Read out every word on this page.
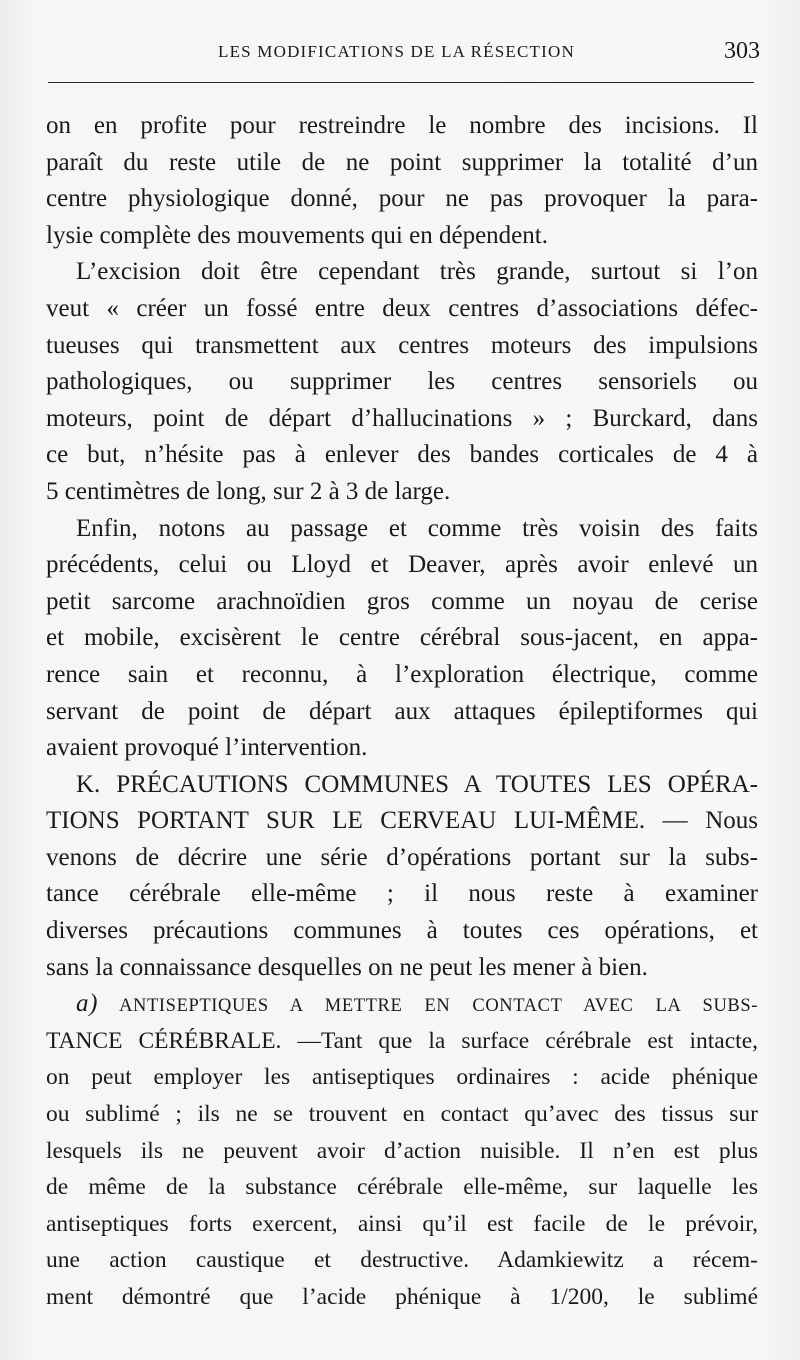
LES MODIFICATIONS DE LA RÉSECTION	303
on en profite pour restreindre le nombre des incisions. Il
paraît du reste utile de ne point supprimer la totalité d’un
centre physiologique donné, pour ne pas provoquer la para-
lysie complète des mouvements qui en dépendent.
L’excision doit être cependant très grande, surtout si l’on
veut « créer un fossé entre deux centres d’associations défec-
tueuses qui transmettent aux centres moteurs des impulsions
pathologiques, ou supprimer les centres sensoriels ou
moteurs, point de départ d’hallucinations » ; Burckard, dans
ce but, n’hésite pas à enlever des bandes corticales de 4 à
5 centimètres de long, sur 2 à 3 de large.
Enfin, notons au passage et comme très voisin des faits
précédents, celui ou Lloyd et Deaver, après avoir enlevé un
petit sarcome arachnoïdien gros comme un noyau de cerise
et mobile, excisèrent le centre cérébral sous-jacent, en appa-
rence sain et reconnu, à l’exploration électrique, comme
servant de point de départ aux attaques épileptiformes qui
avaient provoqué l’intervention.
K. PRÉCAUTIONS COMMUNES A TOUTES LES OPÉRA-
TIONS PORTANT SUR LE CERVEAU LUI-MÊME. — Nous
venons de décrire une série d’opérations portant sur la subs-
tance cérébrale elle-même ; il nous reste à examiner
diverses précautions communes à toutes ces opérations, et
sans la connaissance desquelles on ne peut les mener à bien.
a) ANTISEPTIQUES A METTRE EN CONTACT AVEC LA SUBS-
TANCE CÉRÉBRALE. —Tant que la surface cérébrale est intacte,
on peut employer les antiseptiques ordinaires : acide phénique
ou sublimé ; ils ne se trouvent en contact qu’avec des tissus sur
lesquels ils ne peuvent avoir d’action nuisible. Il n’en est plus
de même de la substance cérébrale elle-même, sur laquelle les
antiseptiques forts exercent, ainsi qu’il est facile de le prévoir,
une action caustique et destructive. Adamkiewitz a récem-
ment démontré que l’acide phénique à 1/200, le sublimé
